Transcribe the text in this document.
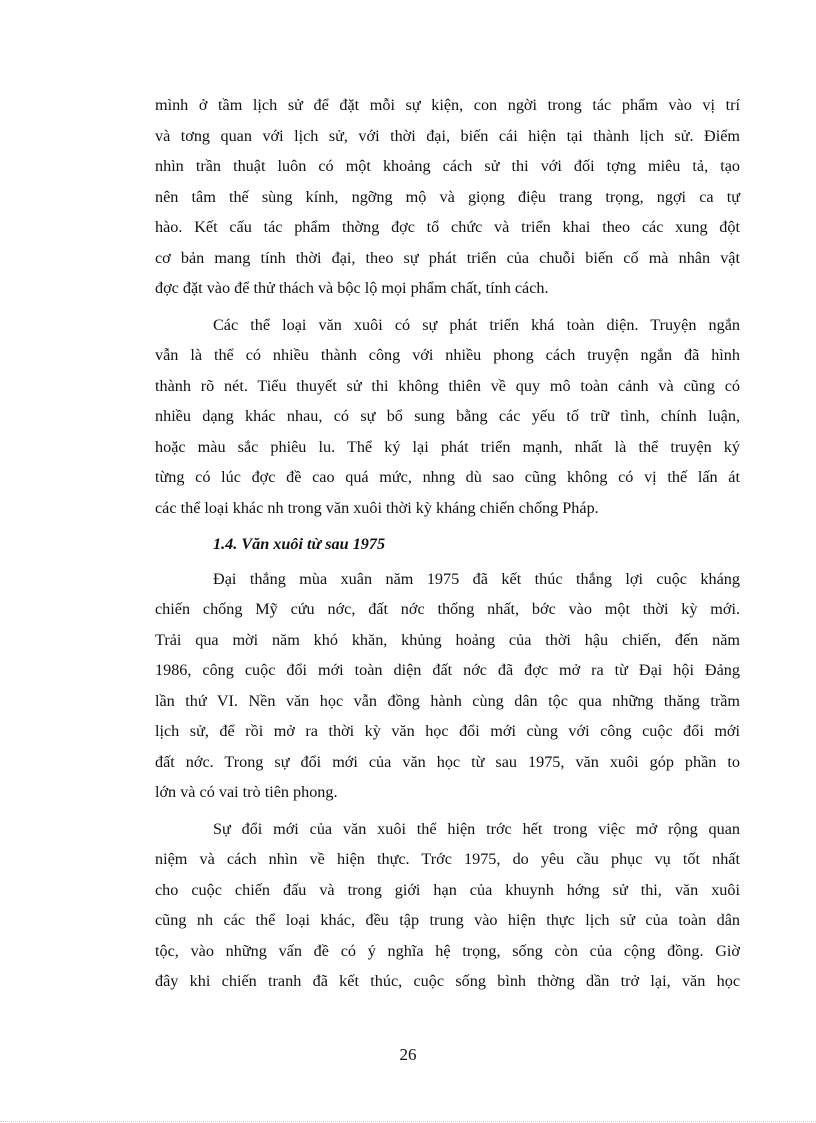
mình ở tầm lịch sử để đặt mỗi sự kiện, con ngời trong tác phẩm vào vị trí
và tơng quan với lịch sử, với thời đại, biến cái hiện tại thành lịch sử. Điểm
nhìn trần thuật luôn có một khoảng cách sử thi với đối tợng miêu tả, tạo
nên tâm thế sùng kính, ngỡng mộ và giọng điệu trang trọng, ngợi ca tự
hào. Kết cấu tác phẩm thờng đợc tổ chức và triển khai theo các xung đột
cơ bản mang tính thời đại, theo sự phát triển của chuỗi biến cố mà nhân vật
đợc đặt vào để thử thách và bộc lộ mọi phẩm chất, tính cách.

Các thể loại văn xuôi có sự phát triển khá toàn diện. Truyện ngắn
vẫn là thể có nhiều thành công với nhiều phong cách truyện ngắn đã hình
thành rõ nét. Tiểu thuyết sử thi không thiên về quy mô toàn cảnh và cũng có
nhiều dạng khác nhau, có sự bổ sung bằng các yếu tố trữ tình, chính luận,
hoặc màu sắc phiêu lu. Thể ký lại phát triển mạnh, nhất là thể truyện ký
từng có lúc đợc đề cao quá mức, nhng dù sao cũng không có vị thế lấn át
các thể loại khác nh trong văn xuôi thời kỳ kháng chiến chống Pháp.

1.4. Văn xuôi từ sau 1975

Đại thắng mùa xuân năm 1975 đã kết thúc thắng lợi cuộc kháng
chiến chống Mỹ cứu nớc, đất nớc thống nhất, bớc vào một thời kỳ mới.
Trải qua mời năm khó khăn, khủng hoảng của thời hậu chiến, đến năm
1986, công cuộc đổi mới toàn diện đất nớc đã đợc mở ra từ Đại hội Đảng
lần thứ VI. Nền văn học vẫn đồng hành cùng dân tộc qua những thăng trầm
lịch sử, để rồi mở ra thời kỳ văn học đổi mới cùng với công cuộc đổi mới
đất nớc. Trong sự đổi mới của văn học từ sau 1975, văn xuôi góp phần to
lớn và có vai trò tiên phong.

Sự đổi mới của văn xuôi thể hiện trớc hết trong việc mở rộng quan
niệm và cách nhìn về hiện thực. Trớc 1975, do yêu cầu phục vụ tốt nhất
cho cuộc chiến đấu và trong giới hạn của khuynh hớng sử thi, văn xuôi
cũng nh các thể loại khác, đều tập trung vào hiện thực lịch sử của toàn dân
tộc, vào những vấn đề có ý nghĩa hệ trọng, sống còn của cộng đồng. Giờ
đây khi chiến tranh đã kết thúc, cuộc sống bình thờng dần trở lại, văn học

26
